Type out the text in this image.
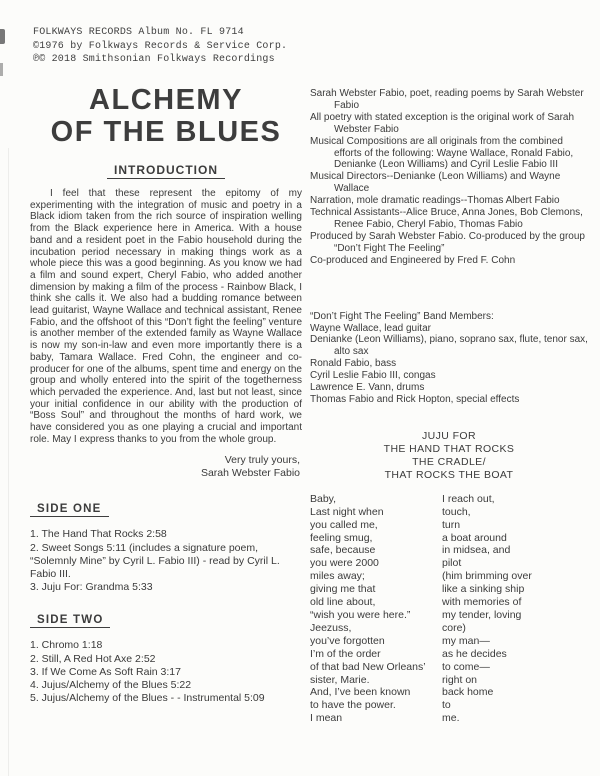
FOLKWAYS RECORDS Album No. FL 9714
©1976 by Folkways Records & Service Corp.
℗© 2018 Smithsonian Folkways Recordings
ALCHEMY
OF THE BLUES
INTRODUCTION

I feel that these represent the epitomy of my experimenting with the integration of music and poetry in a Black idiom taken from the rich source of inspiration welling from the Black experience here in America. With a house band and a resident poet in the Fabio household during the incubation period necessary in making things work as a whole piece this was a good beginning. As you know we had a film and sound expert, Cheryl Fabio, who added another dimension by making a film of the process - Rainbow Black, I think she calls it. We also had a budding romance between lead guitarist, Wayne Wallace and technical assistant, Renee Fabio, and the offshoot of this “Don’t fight the feeling” venture is another member of the extended family as Wayne Wallace is now my son-in-law and even more importantly there is a baby, Tamara Wallace. Fred Cohn, the engineer and co-producer for one of the albums, spent time and energy on the group and wholly entered into the spirit of the togetherness which pervaded the experience. And, last but not least, since your initial confidence in our ability with the production of “Boss Soul” and throughout the months of hard work, we have considered you as one playing a crucial and important role. May I express thanks to you from the whole group.

Very truly yours,
Sarah Webster Fabio
SIDE ONE
1. The Hand That Rocks 2:58
2. Sweet Songs 5:11 (includes a signature poem, “Solemnly Mine” by Cyril L. Fabio III) - read by Cyril L. Fabio III.
3. Juju For: Grandma 5:33
SIDE TWO
1. Chromo 1:18
2. Still, A Red Hot Axe 2:52
3. If We Come As Soft Rain 3:17
4. Jujus/Alchemy of the Blues 5:22
5. Jujus/Alchemy of the Blues - - Instrumental 5:09
Sarah Webster Fabio, poet, reading poems by Sarah Webster Fabio
All poetry with stated exception is the original work of Sarah Webster Fabio
Musical Compositions are all originals from the combined efforts of the following: Wayne Wallace, Ronald Fabio, Denianke (Leon Williams) and Cyril Leslie Fabio III
Musical Directors--Denianke (Leon Williams) and Wayne Wallace
Narration, mole dramatic readings--Thomas Albert Fabio
Technical Assistants--Alice Bruce, Anna Jones, Bob Clemons, Renee Fabio, Cheryl Fabio, Thomas Fabio
Produced by Sarah Webster Fabio. Co-produced by the group “Don’t Fight The Feeling”
Co-produced and Engineered by Fred F. Cohn
“Don’t Fight The Feeling” Band Members:
Wayne Wallace, lead guitar
Denianke (Leon Williams), piano, soprano sax, flute, tenor sax, alto sax
Ronald Fabio, bass
Cyril Leslie Fabio III, congas
Lawrence E. Vann, drums
Thomas Fabio and Rick Hopton, special effects
JUJU FOR
THE HAND THAT ROCKS
THE CRADLE/
THAT ROCKS THE BOAT
Baby,
Last night when
you called me,
feeling smug,
safe, because
you were 2000
miles away;
giving me that
old line about,
“wish you were here.”
Jeezuss,
you’ve forgotten
I’m of the order
of that bad New Orleans’
sister, Marie.
And, I’ve been known
to have the power.
I mean
I reach out,
touch,
turn
a boat around
in midsea, and
pilot
(him brimming over
like a sinking ship
with memories of
my tender, loving
core)
my man—
as he decides
to come—
right on
back home
to
me.
